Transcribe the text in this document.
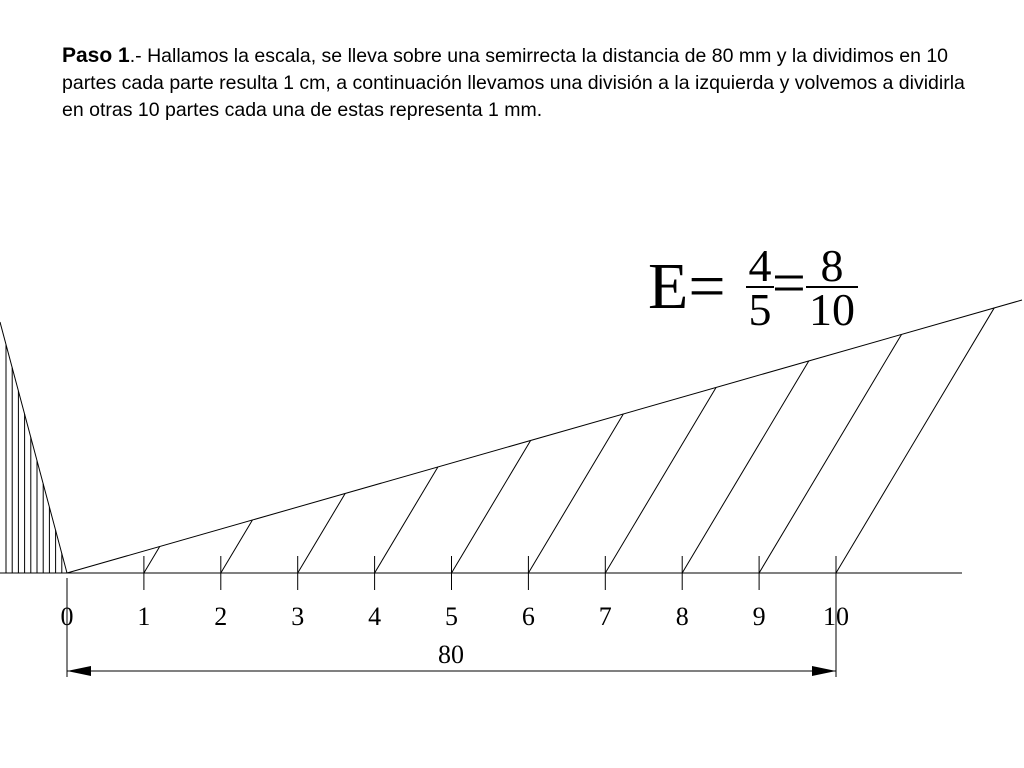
Paso 1.- Hallamos la escala, se lleva sobre una semirrecta la distancia de 80 mm y la dividimos en 10 partes cada parte resulta 1 cm, a continuación llevamos una división a la izquierda y volvemos a dividirla en otras 10 partes cada una de estas representa 1 mm.

E= 4
5 = 8
10
0 1 2 3 4 5 6 7 8 9 10
80
